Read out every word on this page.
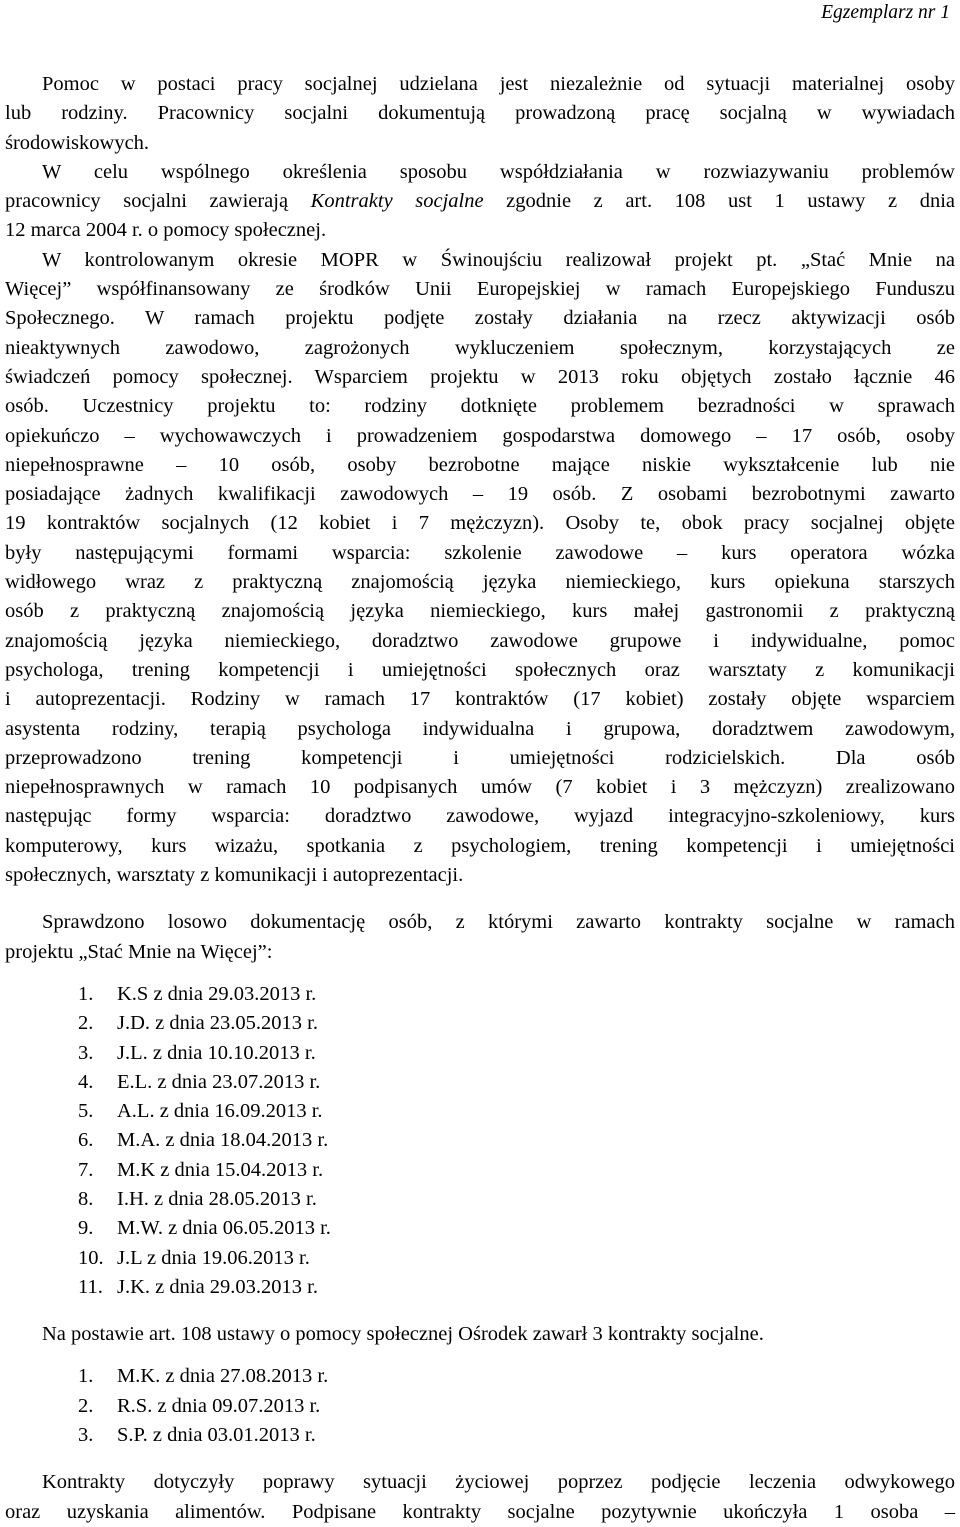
Egzemplarz nr 1
Pomoc w postaci pracy socjalnej udzielana jest niezależnie od sytuacji materialnej osoby
lub rodziny. Pracownicy socjalni dokumentują prowadzoną pracę socjalną w wywiadach
środowiskowych.
W celu wspólnego określenia sposobu współdziałania w rozwiazywaniu problemów
pracownicy socjalni zawierają Kontrakty socjalne zgodnie z art. 108 ust 1 ustawy z dnia
12 marca 2004 r. o pomocy społecznej.
W kontrolowanym okresie MOPR w Świnoujściu realizował projekt pt. „Stać Mnie na
Więcej” współfinansowany ze środków Unii Europejskiej w ramach Europejskiego Funduszu
Społecznego. W ramach projektu podjęte zostały działania na rzecz aktywizacji osób
nieaktywnych zawodowo, zagrożonych wykluczeniem społecznym, korzystających ze
świadczeń pomocy społecznej. Wsparciem projektu w 2013 roku objętych zostało łącznie 46
osób. Uczestnicy projektu to: rodziny dotknięte problemem bezradności w sprawach
opiekuńczo – wychowawczych i prowadzeniem gospodarstwa domowego – 17 osób, osoby
niepełnosprawne – 10 osób, osoby bezrobotne mające niskie wykształcenie lub nie
posiadające żadnych kwalifikacji zawodowych – 19 osób. Z osobami bezrobotnymi zawarto
19 kontraktów socjalnych (12 kobiet i 7 mężczyzn). Osoby te, obok pracy socjalnej objęte
były następującymi formami wsparcia: szkolenie zawodowe – kurs operatora wózka
widłowego wraz z praktyczną znajomością języka niemieckiego, kurs opiekuna starszych
osób z praktyczną znajomością języka niemieckiego, kurs małej gastronomii z praktyczną
znajomością języka niemieckiego, doradztwo zawodowe grupowe i indywidualne, pomoc
psychologa, trening kompetencji i umiejętności społecznych oraz warsztaty z komunikacji
i autoprezentacji. Rodziny w ramach 17 kontraktów (17 kobiet) zostały objęte wsparciem
asystenta rodziny, terapią psychologa indywidualna i grupowa, doradztwem zawodowym,
przeprowadzono trening kompetencji i umiejętności rodzicielskich. Dla osób
niepełnosprawnych w ramach 10 podpisanych umów (7 kobiet i 3 mężczyzn) zrealizowano
następując formy wsparcia: doradztwo zawodowe, wyjazd integracyjno-szkoleniowy, kurs
komputerowy, kurs wizażu, spotkania z psychologiem, trening kompetencji i umiejętności
społecznych, warsztaty z komunikacji i autoprezentacji.
Sprawdzono losowo dokumentację osób, z którymi zawarto kontrakty socjalne w ramach
projektu „Stać Mnie na Więcej”:
1. K.S z dnia 29.03.2013 r.
2. J.D. z dnia 23.05.2013 r.
3. J.L. z dnia 10.10.2013 r.
4. E.L. z dnia 23.07.2013 r.
5. A.L. z dnia 16.09.2013 r.
6. M.A. z dnia 18.04.2013 r.
7. M.K z dnia 15.04.2013 r.
8. I.H. z dnia 28.05.2013 r.
9. M.W. z dnia 06.05.2013 r.
10. J.L z dnia 19.06.2013 r.
11. J.K. z dnia 29.03.2013 r.
Na postawie art. 108 ustawy o pomocy społecznej Ośrodek zawarł 3 kontrakty socjalne.
1. M.K. z dnia 27.08.2013 r.
2. R.S. z dnia 09.07.2013 r.
3. S.P. z dnia 03.01.2013 r.
Kontrakty dotyczyły poprawy sytuacji życiowej poprzez podjęcie leczenia odwykowego
oraz uzyskania alimentów. Podpisane kontrakty socjalne pozytywnie ukończyła 1 osoba –
